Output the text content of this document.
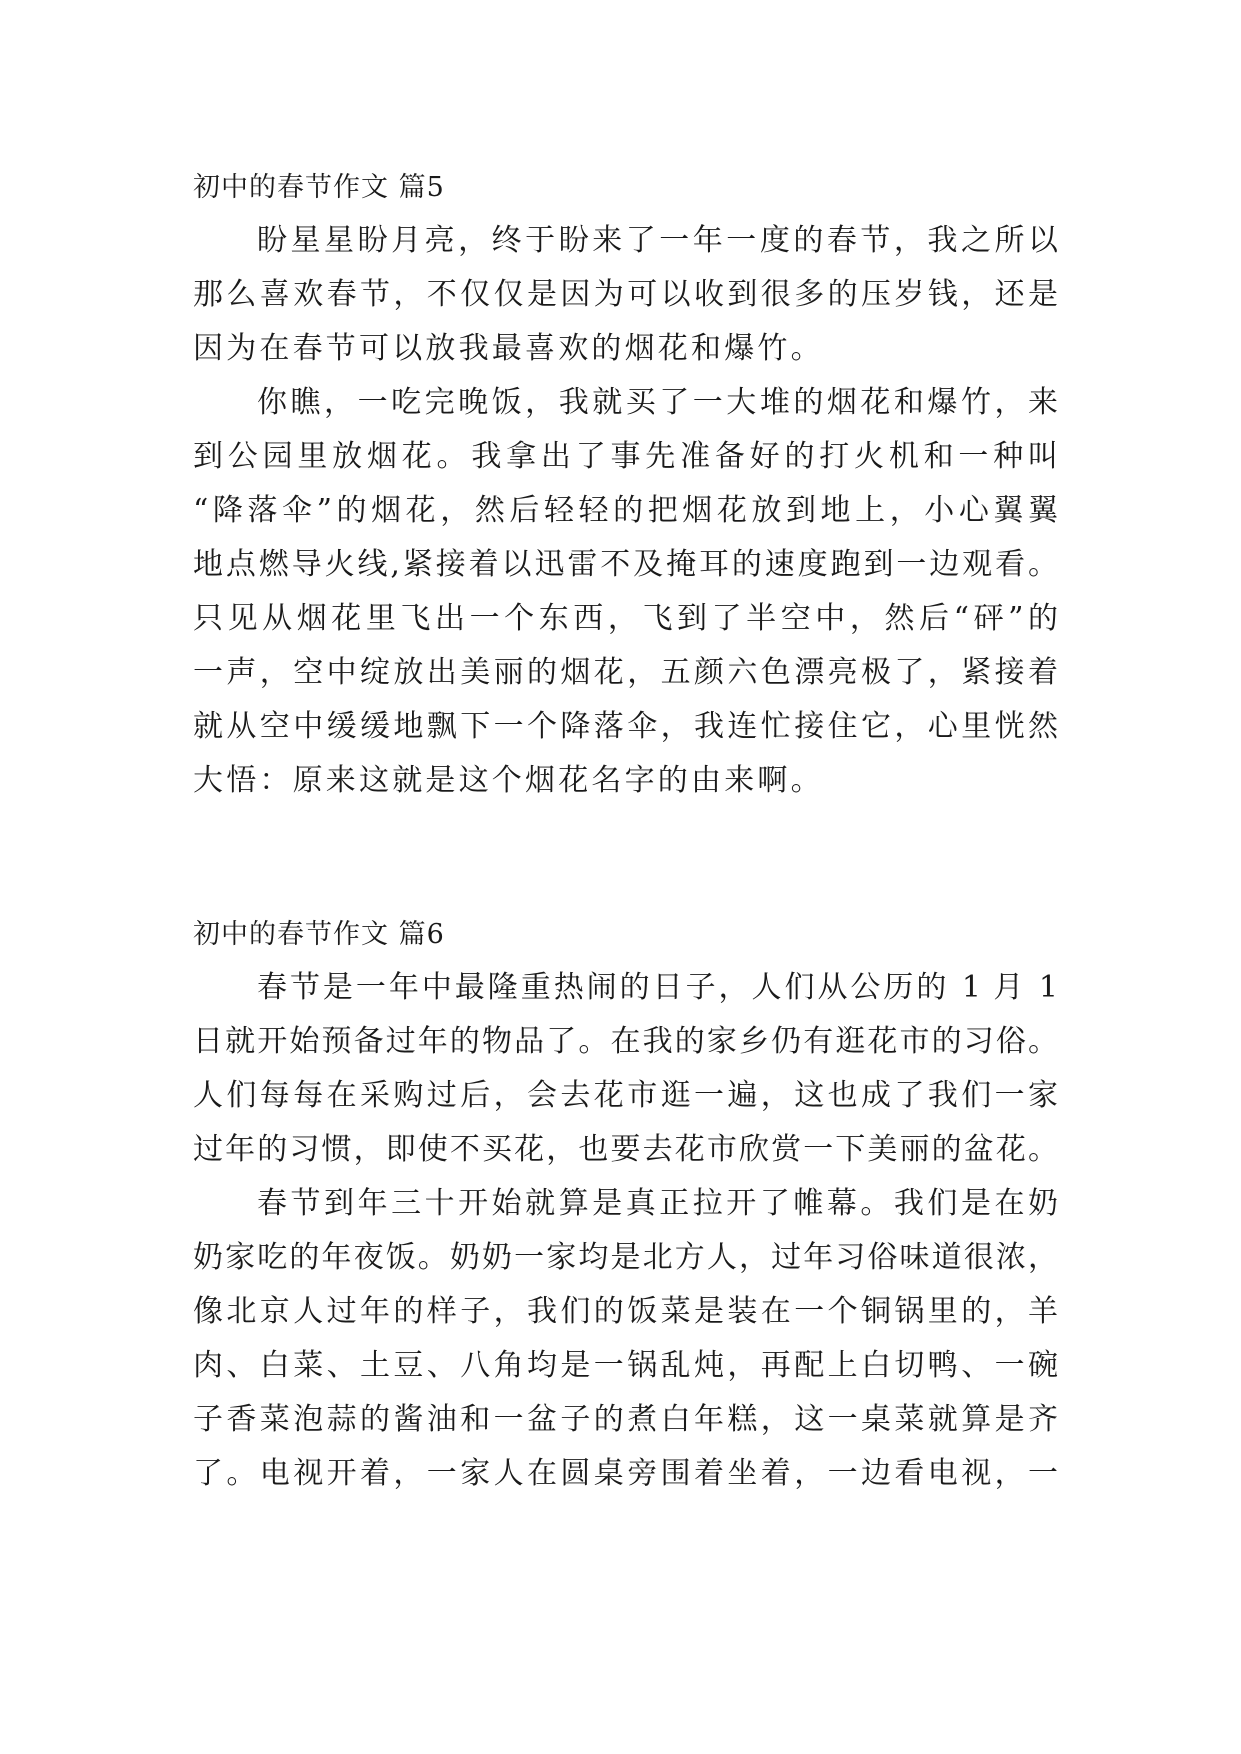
初中的春节作文 篇5
盼星星盼月亮，终于盼来了一年一度的春节，我之所以
那么喜欢春节，不仅仅是因为可以收到很多的压岁钱，还是
因为在春节可以放我最喜欢的烟花和爆竹。
你瞧，一吃完晚饭，我就买了一大堆的烟花和爆竹，来
到公园里放烟花。我拿出了事先准备好的打火机和一种叫
“降落伞”的烟花，然后轻轻的把烟花放到地上，小心翼翼
地点燃导火线,紧接着以迅雷不及掩耳的速度跑到一边观看。
只见从烟花里飞出一个东西，飞到了半空中，然后“砰”的
一声，空中绽放出美丽的烟花，五颜六色漂亮极了，紧接着
就从空中缓缓地飘下一个降落伞，我连忙接住它，心里恍然
大悟：原来这就是这个烟花名字的由来啊。
初中的春节作文 篇6
春节是一年中最隆重热闹的日子，人们从公历的 1 月 1
日就开始预备过年的物品了。在我的家乡仍有逛花市的习俗。
人们每每在采购过后，会去花市逛一遍，这也成了我们一家
过年的习惯，即使不买花，也要去花市欣赏一下美丽的盆花。
春节到年三十开始就算是真正拉开了帷幕。我们是在奶
奶家吃的年夜饭。奶奶一家均是北方人，过年习俗味道很浓，
像北京人过年的样子，我们的饭菜是装在一个铜锅里的，羊
肉、白菜、土豆、八角均是一锅乱炖，再配上白切鸭、一碗
子香菜泡蒜的酱油和一盆子的煮白年糕，这一桌菜就算是齐
了。电视开着，一家人在圆桌旁围着坐着，一边看电视，一
